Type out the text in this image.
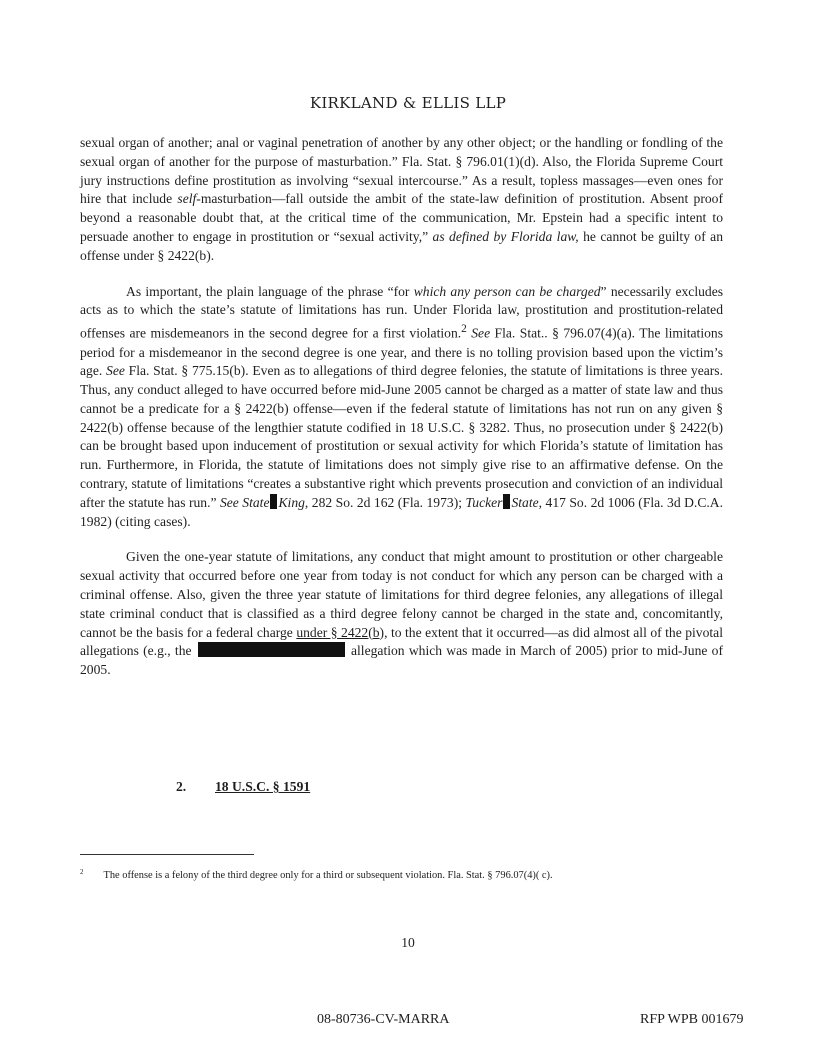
KIRKLAND & ELLIS LLP

sexual organ of another; anal or vaginal penetration of another by any other object; or the handling or fondling of the sexual organ of another for the purpose of masturbation.” Fla. Stat. § 796.01(1)(d). Also, the Florida Supreme Court jury instructions define prostitution as involving “sexual intercourse.” As a result, topless massages—even ones for hire that include self-masturbation—fall outside the ambit of the state-law definition of prostitution. Absent proof beyond a reasonable doubt that, at the critical time of the communication, Mr. Epstein had a specific intent to persuade another to engage in prostitution or “sexual activity,” as defined by Florida law, he cannot be guilty of an offense under § 2422(b).

As important, the plain language of the phrase “for which any person can be charged” necessarily excludes acts as to which the state’s statute of limitations has run. Under Florida law, prostitution and prostitution-related offenses are misdemeanors in the second degree for a first violation.$^2$ See Fla. Stat.. § 796.07(4)(a). The limitations period for a misdemeanor in the second degree is one year, and there is no tolling provision based upon the victim’s age. See Fla. Stat. § 775.15(b). Even as to allegations of third degree felonies, the statute of limitations is three years. Thus, any conduct alleged to have occurred before mid-June 2005 cannot be charged as a matter of state law and thus cannot be a predicate for a § 2422(b) offense—even if the federal statute of limitations has not run on any given § 2422(b) offense because of the lengthier statute codified in 18 U.S.C. § 3282. Thus, no prosecution under § 2422(b) can be brought based upon inducement of prostitution or sexual activity for which Florida’s statute of limitation has run. Furthermore, in Florida, the statute of limitations does not simply give rise to an affirmative defense. On the contrary, statute of limitations “creates a substantive right which prevents prosecution and conviction of an individual after the statute has run.” See State King, 282 So. 2d 162 (Fla. 1973); Tucker State, 417 So. 2d 1006 (Fla. 3d D.C.A. 1982) (citing cases).

Given the one-year statute of limitations, any conduct that might amount to prostitution or other chargeable sexual activity that occurred before one year from today is not conduct for which any person can be charged with a criminal offense. Also, given the three year statute of limitations for third degree felonies, any allegations of illegal state criminal conduct that is classified as a third degree felony cannot be charged in the state and, concomitantly, cannot be the basis for a federal charge under § 2422(b), to the extent that it occurred—as did almost all of the pivotal allegations (e.g., the	allegation which was made in March of 2005) prior to mid-June of 2005.

2. 18 U.S.C. § 1591
$^2$ The offense is a felony of the third degree only for a third or subsequent violation. Fla. Stat. § 796.07(4)( c).
10
08-80736-CV-MARRA	RFP WPB 001679
